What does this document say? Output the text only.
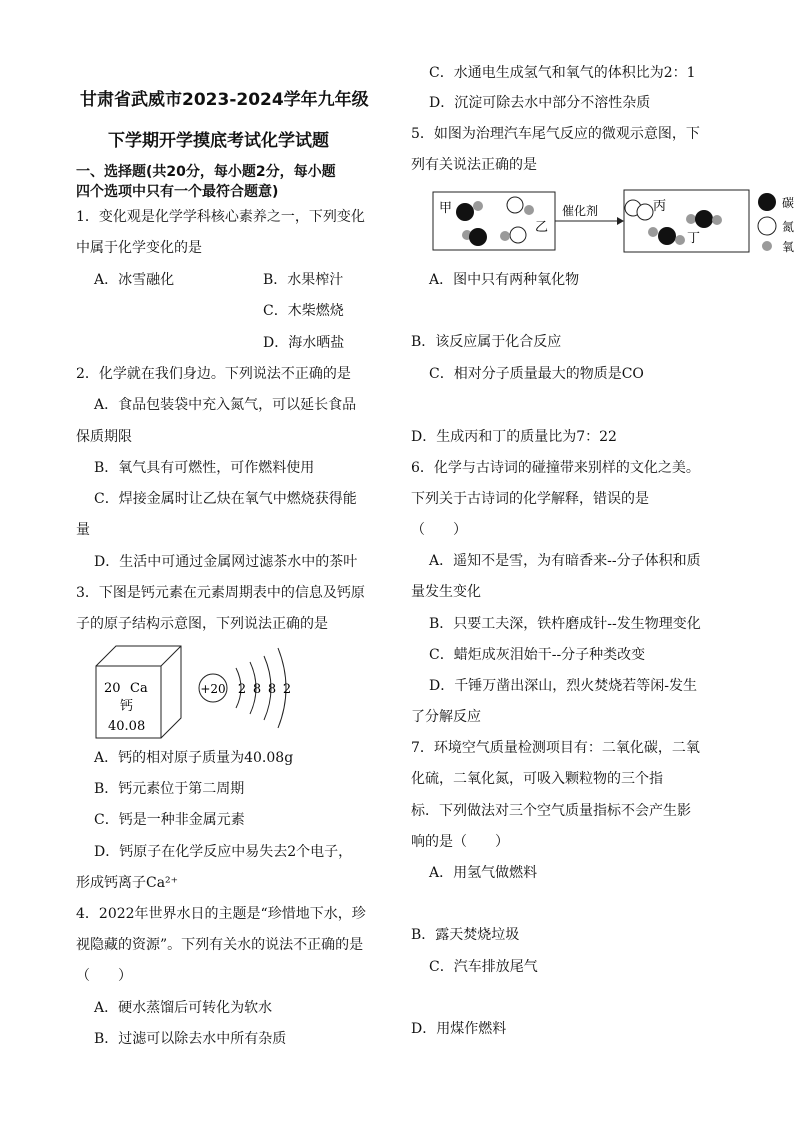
甘肃省武威市2023-2024学年九年级
下学期开学摸底考试化学试题
一、选择题(共20分，每小题2分，每小题
四个选项中只有一个最符合题意)
1．变化观是化学学科核心素养之一，下列变化
中属于化学变化的是
A．冰雪融化	B．水果榨汁
C．木柴燃烧
D．海水晒盐
2．化学就在我们身边。下列说法不正确的是
A．食品包装袋中充入氮气，可以延长食品
保质期限
B．氧气具有可燃性，可作燃料使用
C．焊接金属时让乙炔在氧气中燃烧获得能
量
D．生活中可通过金属网过滤茶水中的茶叶
3．下图是钙元素在元素周期表中的信息及钙原
子的原子结构示意图，下列说法正确的是
20 Ca
钙
40.08
+20 2 8 8 2
A．钙的相对原子质量为40.08g
B．钙元素位于第二周期
C．钙是一种非金属元素
D．钙原子在化学反应中易失去2个电子，
形成钙离子Ca²⁺
4．2022年世界水日的主题是“珍惜地下水，珍
视隐藏的资源”。下列有关水的说法不正确的是
（　　）
A．硬水蒸馏后可转化为软水
B．过滤可以除去水中所有杂质
C．水通电生成氢气和氧气的体积比为2：1
D．沉淀可除去水中部分不溶性杂质
5．如图为治理汽车尾气反应的微观示意图，下
列有关说法正确的是
甲
乙
催化剂	丙
丁
碳
氮
氧
A．图中只有两种氧化物
B．该反应属于化合反应
C．相对分子质量最大的物质是CO
D．生成丙和丁的质量比为7：22
6．化学与古诗词的碰撞带来别样的文化之美。
下列关于古诗词的化学解释，错误的是
（　　）
A．遥知不是雪，为有暗香来--分子体积和质
量发生变化
B．只要工夫深，铁杵磨成针--发生物理变化
C．蜡炬成灰泪始干--分子种类改变
D．千锤万凿出深山，烈火焚烧若等闲-发生
了分解反应
7．环境空气质量检测项目有：二氧化碳，二氧
化硫，二氧化氮，可吸入颗粒物的三个指
标．下列做法对三个空气质量指标不会产生影
响的是（　　）
A．用氢气做燃料
B．露天焚烧垃圾
C．汽车排放尾气
D．用煤作燃料
